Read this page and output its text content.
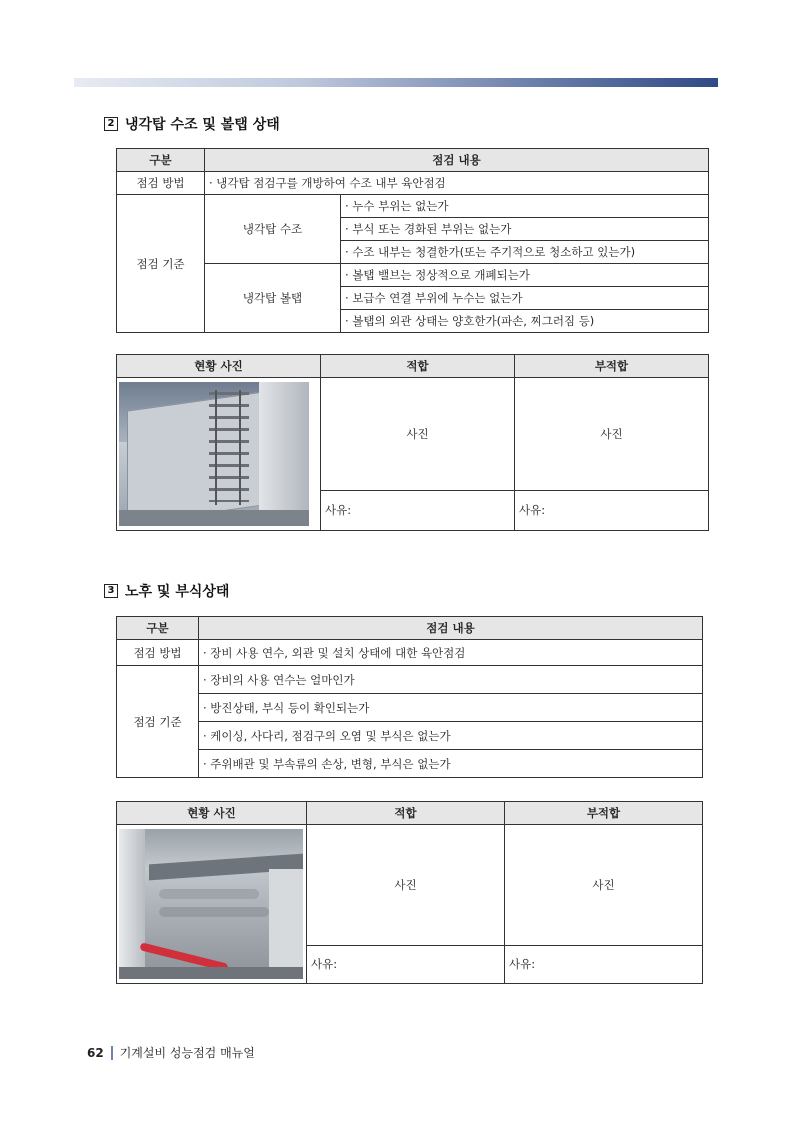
2 냉각탑 수조 및 볼탭 상태
구분	점검 내용	
점검 방법	· 냉각탑 점검구를 개방하여 수조 내부 육안점검	
점검 기준	냉각탑 수조	· 누수 부위는 없는가
		· 부식 또는 경화된 부위는 없는가
		· 수조 내부는 청결한가(또는 주기적으로 청소하고 있는가)
	냉각탑 볼탭	· 볼탭 밸브는 정상적으로 개폐되는가
		· 보급수 연결 부위에 누수는 없는가
		· 볼탭의 외관 상태는 양호한가(파손, 찌그러짐 등)
현황 사진	적합	부적합

	사진	사진
	사유:	사유:
3 노후 및 부식상태
구분	점검 내용
점검 방법	· 장비 사용 연수, 외관 및 설치 상태에 대한 육안점검
점검 기준	· 장비의 사용 연수는 얼마인가
	· 방진상태, 부식 등이 확인되는가
	· 케이싱, 사다리, 점검구의 오염 및 부식은 없는가
	· 주위배관 및 부속류의 손상, 변형, 부식은 없는가
현황 사진	적합	부적합

	사진	사진
	사유:	사유:
62 기계설비 성능점검 매뉴얼
